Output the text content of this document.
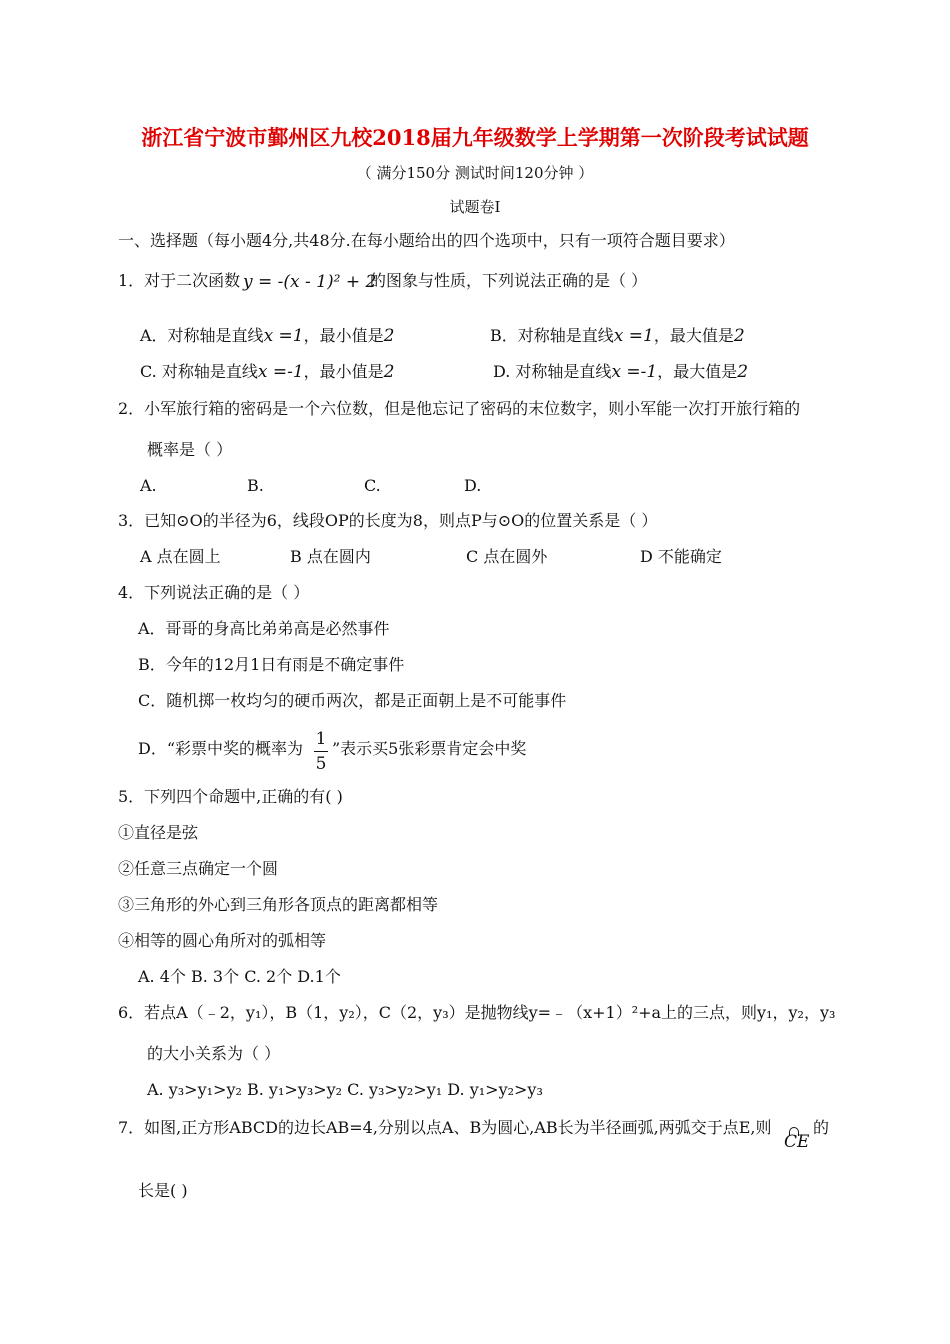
浙江省宁波市鄞州区九校2018届九年级数学上学期第一次阶段考试试题
（ 满分150分 测试时间120分钟 ）
试题卷Ⅰ
一、选择题（每小题4分,共48分.在每小题给出的四个选项中，只有一项符合题目要求）
1．对于二次函数 y = -(x - 1)² + 2
的图象与性质，下列说法正确的是（ ）
A．对称轴是直线x =1，最小值是2	B．对称轴是直线x =1，最大值是2
C. 对称轴是直线x =-1，最小值是2	D. 对称轴是直线x =-1，最大值是2
2．小军旅行箱的密码是一个六位数，但是他忘记了密码的末位数字，则小军能一次打开旅行箱的
概率是（ ）
A.	B.	C.	D.
3．已知⊙O的半径为6，线段OP的长度为8，则点P与⊙O的位置关系是（ ）
A 点在圆上	B 点在圆内	C 点在圆外	D 不能确定
4．下列说法正确的是（ ）
A．哥哥的身高比弟弟高是必然事件
B．今年的12月1日有雨是不确定事件
C．随机掷一枚均匀的硬币两次，都是正面朝上是不可能事件
D．“彩票中奖的概率为 1
5
”表示买5张彩票肯定会中奖
5．下列四个命题中,正确的有( )
①直径是弦
②任意三点确定一个圆
③三角形的外心到三角形各顶点的距离都相等
④相等的圆心角所对的弧相等
A. 4个 B. 3个 C. 2个 D.1个
6．若点A（﹣2，y₁），B（1，y₂），C（2，y₃）是抛物线y=﹣（x+1）²+a上的三点，则y₁，y₂，y₃
的大小关系为（ ）
A. y₃>y₁>y₂ B. y₁>y₃>y₂ C. y₃>y₂>y₁ D. y₁>y₂>y₃
7．如图,正方形ABCD的边长AB=4,分别以点A、B为圆心,AB长为半径画弧,两弧交于点E,则
CE
的
长是( )
